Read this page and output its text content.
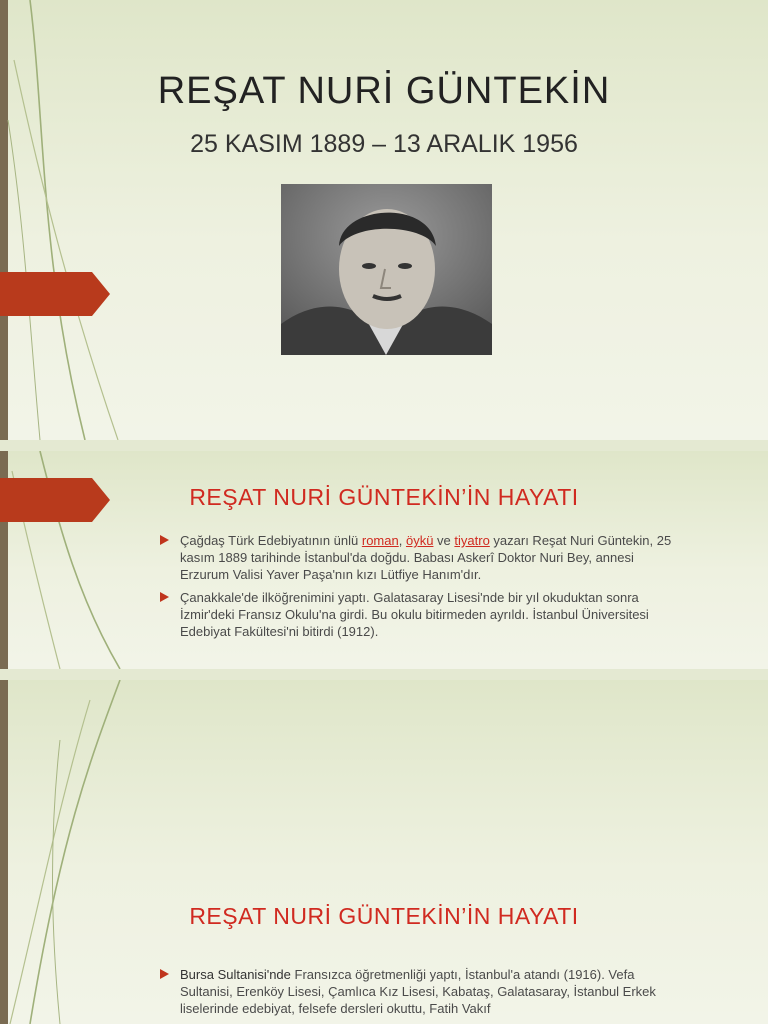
REŞAT NURİ GÜNTEKİN
25 KASIM 1889 – 13 ARALIK 1956
REŞAT NURİ GÜNTEKİN’İN HAYATI
Çağdaş Türk Edebiyatının ünlü roman, öykü ve tiyatro yazarı Reşat Nuri Güntekin, 25 kasım 1889 tarihinde İstanbul'da doğdu. Babası Askerî Doktor Nuri Bey, annesi Erzurum Valisi Yaver Paşa'nın kızı Lütfiye Hanım'dır.
Çanakkale'de ilköğrenimini yaptı. Galatasaray Lisesi'nde bir yıl okuduktan sonra İzmir'deki Fransız Okulu'na girdi. Bu okulu bitirmeden ayrıldı. İstanbul Üniversitesi Edebiyat Fakültesi'ni bitirdi (1912).
REŞAT NURİ GÜNTEKİN’İN HAYATI
Bursa Sultanisi'nde Fransızca öğretmenliği yaptı, İstanbul'a atandı (1916). Vefa Sultanisi, Erenköy Lisesi, Çamlıca Kız Lisesi, Kabataş, Galatasaray, İstanbul Erkek liselerinde edebiyat, felsefe dersleri okuttu, Fatih Vakıf
